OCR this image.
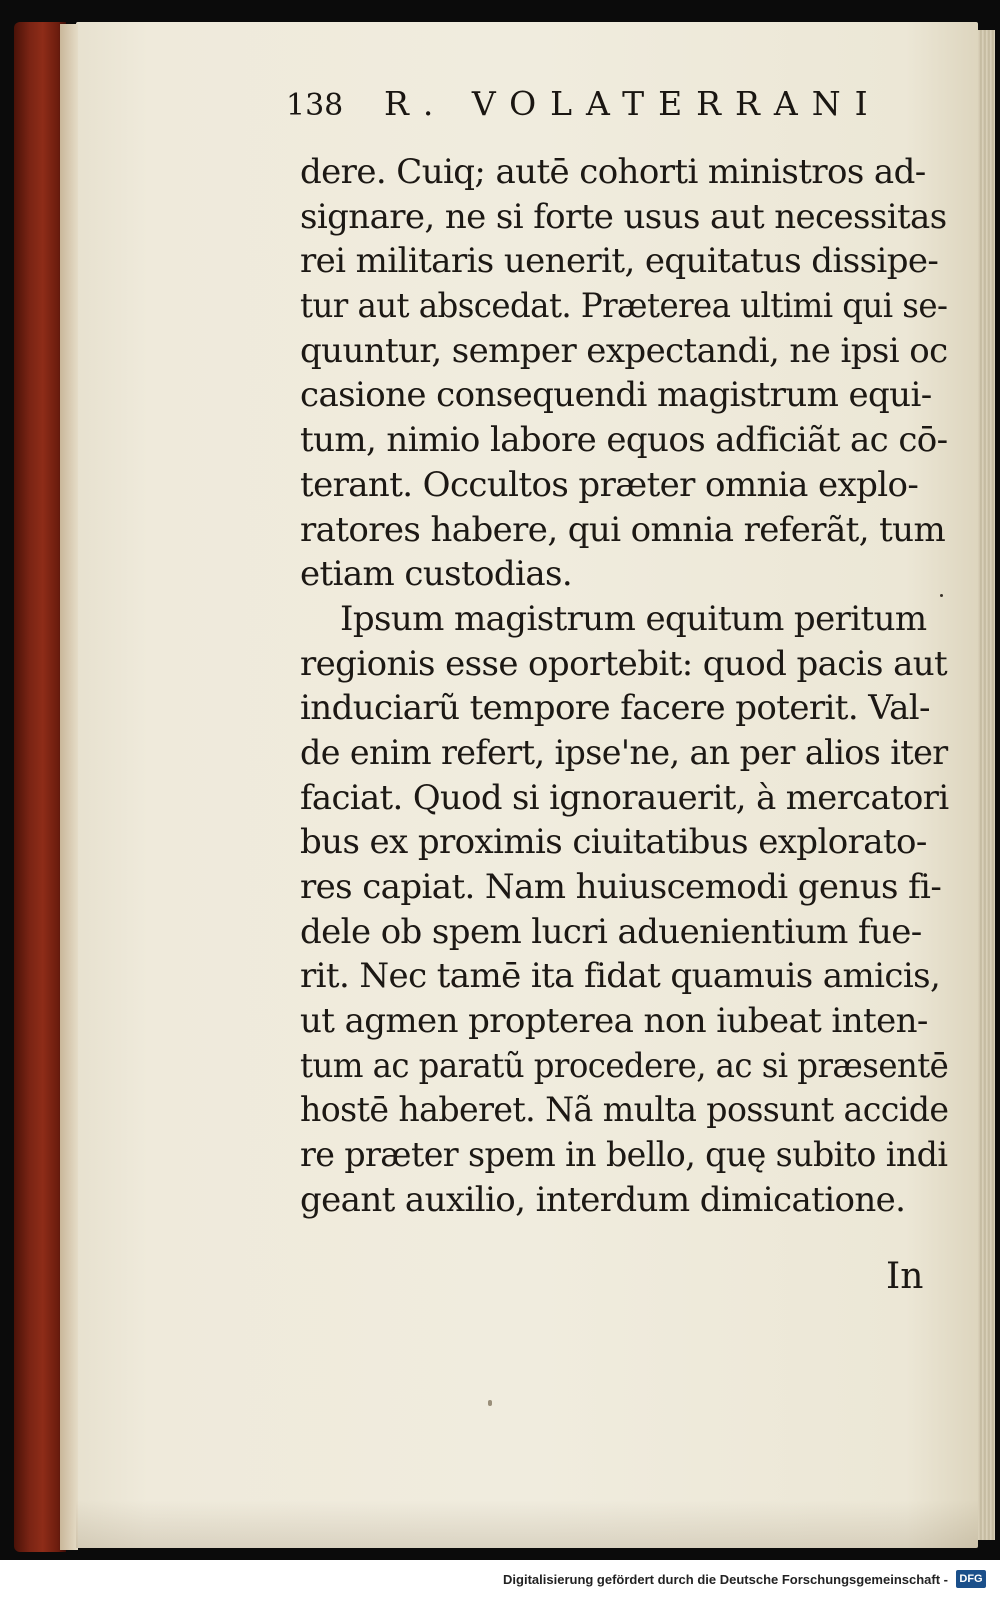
138 R. VOLATERRANI
dere. Cuiq; autē cohorti ministros ad-
signare, ne si forte usus aut necessitas
rei militaris uenerit, equitatus dissipe-
tur aut abscedat. Præterea ultimi qui se-
quuntur, semper expectandi, ne ipsi oc
casione consequendi magistrum equi-
tum, nimio labore equos adficiãt ac cō-
terant. Occultos præter omnia explo-
ratores habere, qui omnia referãt, tum
etiam custodias.
Ipsum magistrum equitum peritum
regionis esse oportebit: quod pacis aut
induciarũ tempore facere poterit. Val-
de enim refert, ipse'ne, an per alios iter
faciat. Quod si ignorauerit, à mercatori
bus ex proximis ciuitatibus explorato-
res capiat. Nam huiuscemodi genus fi-
dele ob spem lucri aduenientium fue-
rit. Nec tamē ita fidat quamuis amicis,
ut agmen propterea non iubeat inten-
tum ac paratũ procedere, ac si præsentē
hostē haberet. Nã multa possunt accide
re præter spem in bello, quę subito indi
geant auxilio, interdum dimicatione.
In
Digitalisierung gefördert durch die Deutsche Forschungsgemeinschaft -	DFG
